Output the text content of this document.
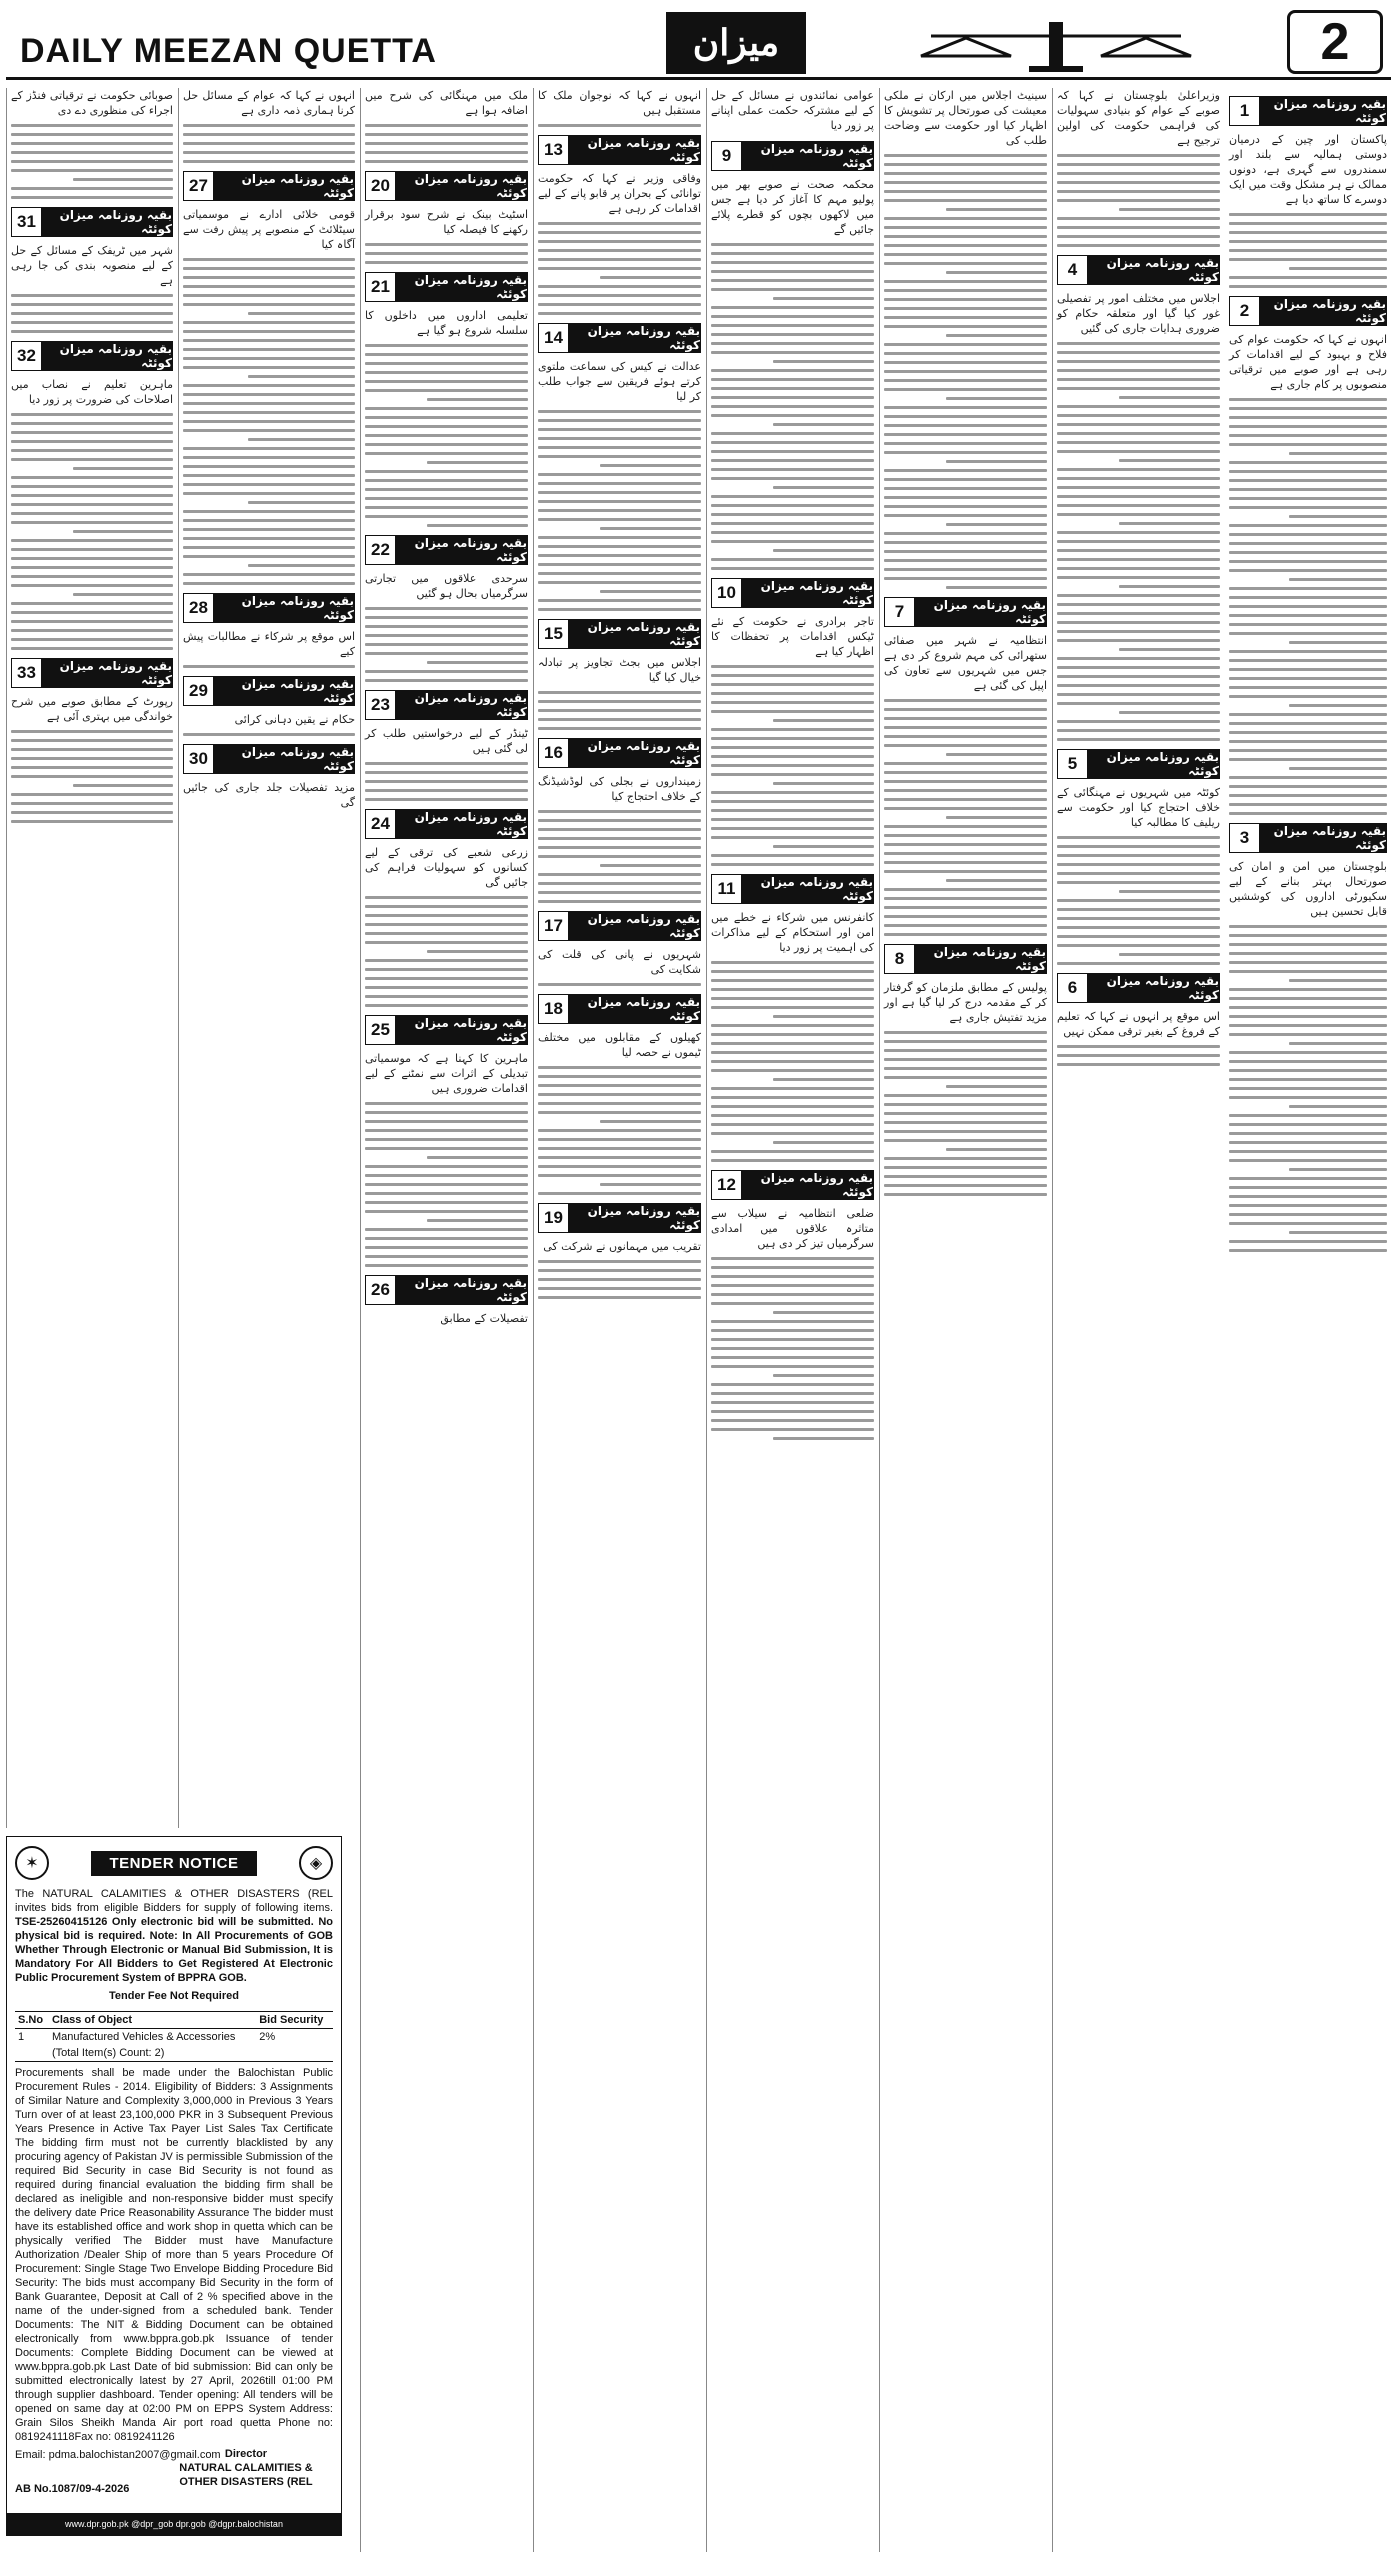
DAILY MEEZAN QUETTA	میزان	2
1	بقیہ روزنامہ میزان کوئٹہ

پاکستان اور چین کے درمیان دوستی ہمالیہ سے بلند اور سمندروں سے گہری ہے، دونوں ممالک نے ہر مشکل وقت میں ایک دوسرے کا ساتھ دیا ہے

2	بقیہ روزنامہ میزان کوئٹہ

انہوں نے کہا کہ حکومت عوام کی فلاح و بہبود کے لیے اقدامات کر رہی ہے اور صوبے میں ترقیاتی منصوبوں پر کام جاری ہے

3	بقیہ روزنامہ میزان کوئٹہ

بلوچستان میں امن و امان کی صورتحال بہتر بنانے کے لیے سکیورٹی اداروں کی کوششیں قابل تحسین ہیں

وزیراعلیٰ بلوچستان نے کہا کہ صوبے کے عوام کو بنیادی سہولیات کی فراہمی حکومت کی اولین ترجیح ہے

4	بقیہ روزنامہ میزان کوئٹہ

اجلاس میں مختلف امور پر تفصیلی غور کیا گیا اور متعلقہ حکام کو ضروری ہدایات جاری کی گئیں

5	بقیہ روزنامہ میزان کوئٹہ

کوئٹہ میں شہریوں نے مہنگائی کے خلاف احتجاج کیا اور حکومت سے ریلیف کا مطالبہ کیا

6	بقیہ روزنامہ میزان کوئٹہ

اس موقع پر انہوں نے کہا کہ تعلیم کے فروغ کے بغیر ترقی ممکن نہیں

سینیٹ اجلاس میں ارکان نے ملکی معیشت کی صورتحال پر تشویش کا اظہار کیا اور حکومت سے وضاحت طلب کی

7	بقیہ روزنامہ میزان کوئٹہ

انتظامیہ نے شہر میں صفائی ستھرائی کی مہم شروع کر دی ہے جس میں شہریوں سے تعاون کی اپیل کی گئی ہے

8	بقیہ روزنامہ میزان کوئٹہ

پولیس کے مطابق ملزمان کو گرفتار کر کے مقدمہ درج کر لیا گیا ہے اور مزید تفتیش جاری ہے

عوامی نمائندوں نے مسائل کے حل کے لیے مشترکہ حکمت عملی اپنانے پر زور دیا

9	بقیہ روزنامہ میزان کوئٹہ

محکمہ صحت نے صوبے بھر میں پولیو مہم کا آغاز کر دیا ہے جس میں لاکھوں بچوں کو قطرے پلائے جائیں گے

10	بقیہ روزنامہ میزان کوئٹہ

تاجر برادری نے حکومت کے نئے ٹیکس اقدامات پر تحفظات کا اظہار کیا ہے

11	بقیہ روزنامہ میزان کوئٹہ

کانفرنس میں شرکاء نے خطے میں امن اور استحکام کے لیے مذاکرات کی اہمیت پر زور دیا

12	بقیہ روزنامہ میزان کوئٹہ

ضلعی انتظامیہ نے سیلاب سے متاثرہ علاقوں میں امدادی سرگرمیاں تیز کر دی ہیں

انہوں نے کہا کہ نوجوان ملک کا مستقبل ہیں

13	بقیہ روزنامہ میزان کوئٹہ

وفاقی وزیر نے کہا کہ حکومت توانائی کے بحران پر قابو پانے کے لیے اقدامات کر رہی ہے

14	بقیہ روزنامہ میزان کوئٹہ

عدالت نے کیس کی سماعت ملتوی کرتے ہوئے فریقین سے جواب طلب کر لیا

15	بقیہ روزنامہ میزان کوئٹہ

اجلاس میں بجٹ تجاویز پر تبادلہ خیال کیا گیا

16	بقیہ روزنامہ میزان کوئٹہ

زمینداروں نے بجلی کی لوڈشیڈنگ کے خلاف احتجاج کیا

17	بقیہ روزنامہ میزان کوئٹہ

شہریوں نے پانی کی قلت کی شکایت کی

18	بقیہ روزنامہ میزان کوئٹہ

کھیلوں کے مقابلوں میں مختلف ٹیموں نے حصہ لیا

19	بقیہ روزنامہ میزان کوئٹہ

تقریب میں مہمانوں نے شرکت کی

ملک میں مہنگائی کی شرح میں اضافہ ہوا ہے

20	بقیہ روزنامہ میزان کوئٹہ

اسٹیٹ بینک نے شرح سود برقرار رکھنے کا فیصلہ کیا

21	بقیہ روزنامہ میزان کوئٹہ

تعلیمی اداروں میں داخلوں کا سلسلہ شروع ہو گیا ہے

22	بقیہ روزنامہ میزان کوئٹہ

سرحدی علاقوں میں تجارتی سرگرمیاں بحال ہو گئیں

23	بقیہ روزنامہ میزان کوئٹہ

ٹینڈر کے لیے درخواستیں طلب کر لی گئی ہیں

24	بقیہ روزنامہ میزان کوئٹہ

زرعی شعبے کی ترقی کے لیے کسانوں کو سہولیات فراہم کی جائیں گی

25	بقیہ روزنامہ میزان کوئٹہ

ماہرین کا کہنا ہے کہ موسمیاتی تبدیلی کے اثرات سے نمٹنے کے لیے اقدامات ضروری ہیں

26	بقیہ روزنامہ میزان کوئٹہ

تفصیلات کے مطابق

انہوں نے کہا کہ عوام کے مسائل حل کرنا ہماری ذمہ داری ہے

27	بقیہ روزنامہ میزان کوئٹہ

قومی خلائی ادارے نے موسمیاتی سیٹلائٹ کے منصوبے پر پیش رفت سے آگاہ کیا

28	بقیہ روزنامہ میزان کوئٹہ

اس موقع پر شرکاء نے مطالبات پیش کیے

29	بقیہ روزنامہ میزان کوئٹہ

حکام نے یقین دہانی کرائی

30	بقیہ روزنامہ میزان کوئٹہ

مزید تفصیلات جلد جاری کی جائیں گی

صوبائی حکومت نے ترقیاتی فنڈز کے اجراء کی منظوری دے دی

31	بقیہ روزنامہ میزان کوئٹہ

شہر میں ٹریفک کے مسائل کے حل کے لیے منصوبہ بندی کی جا رہی ہے

32	بقیہ روزنامہ میزان کوئٹہ

ماہرین تعلیم نے نصاب میں اصلاحات کی ضرورت پر زور دیا

33	بقیہ روزنامہ میزان کوئٹہ

رپورٹ کے مطابق صوبے میں شرح خواندگی میں بہتری آئی ہے

✶	TENDER NOTICE	◈

The NATURAL CALAMITIES & OTHER DISASTERS (REL invites bids from eligible Bidders for supply of following items. TSE-25260415126 Only electronic bid will be submitted. No physical bid is required. Note: In All Procurements of GOB Whether Through Electronic or Manual Bid Submission, It is Mandatory For All Bidders to Get Registered At Electronic Public Procurement System of BPPRA GOB.

Tender Fee Not Required

S.No	Class of Object	Bid Security
1	Manufactured Vehicles & Accessories	2%
	(Total Item(s) Count: 2)	

Procurements shall be made under the Balochistan Public Procurement Rules - 2014. Eligibility of Bidders: 3 Assignments of Similar Nature and Complexity 3,000,000 in Previous 3 Years Turn over of at least 23,100,000 PKR in 3 Subsequent Previous Years Presence in Active Tax Payer List Sales Tax Certificate The bidding firm must not be currently blacklisted by any procuring agency of Pakistan JV is permissible Submission of the required Bid Security in case Bid Security is not found as required during financial evaluation the bidding firm shall be declared as ineligible and non-responsive bidder must specify the delivery date Price Reasonability Assurance The bidder must have its established office and work shop in quetta which can be physically verified The Bidder must have Manufacture Authorization /Dealer Ship of more than 5 years Procedure Of Procurement: Single Stage Two Envelope Bidding Procedure Bid Security: The bids must accompany Bid Security in the form of Bank Guarantee, Deposit at Call of 2 % specified above in the name of the under-signed from a scheduled bank. Tender Documents: The NIT & Bidding Document can be obtained electronically from www.bppra.gob.pk Issuance of tender Documents: Complete Bidding Document can be viewed at www.bppra.gob.pk Last Date of bid submission: Bid can only be submitted electronically latest by 27 April, 2026till 01:00 PM through supplier dashboard. Tender opening: All tenders will be opened on same day at 02:00 PM on EPPS System Address: Grain Silos Sheikh Manda Air port road quetta Phone no: 0819241118Fax no: 0819241126

Email: pdma.balochistan2007@gmail.com

AB No.1087/09-4-2026
Director
NATURAL CALAMITIES & OTHER DISASTERS (REL
www.dpr.gob.pk @dpr_gob dpr.gob @dgpr.balochistan
